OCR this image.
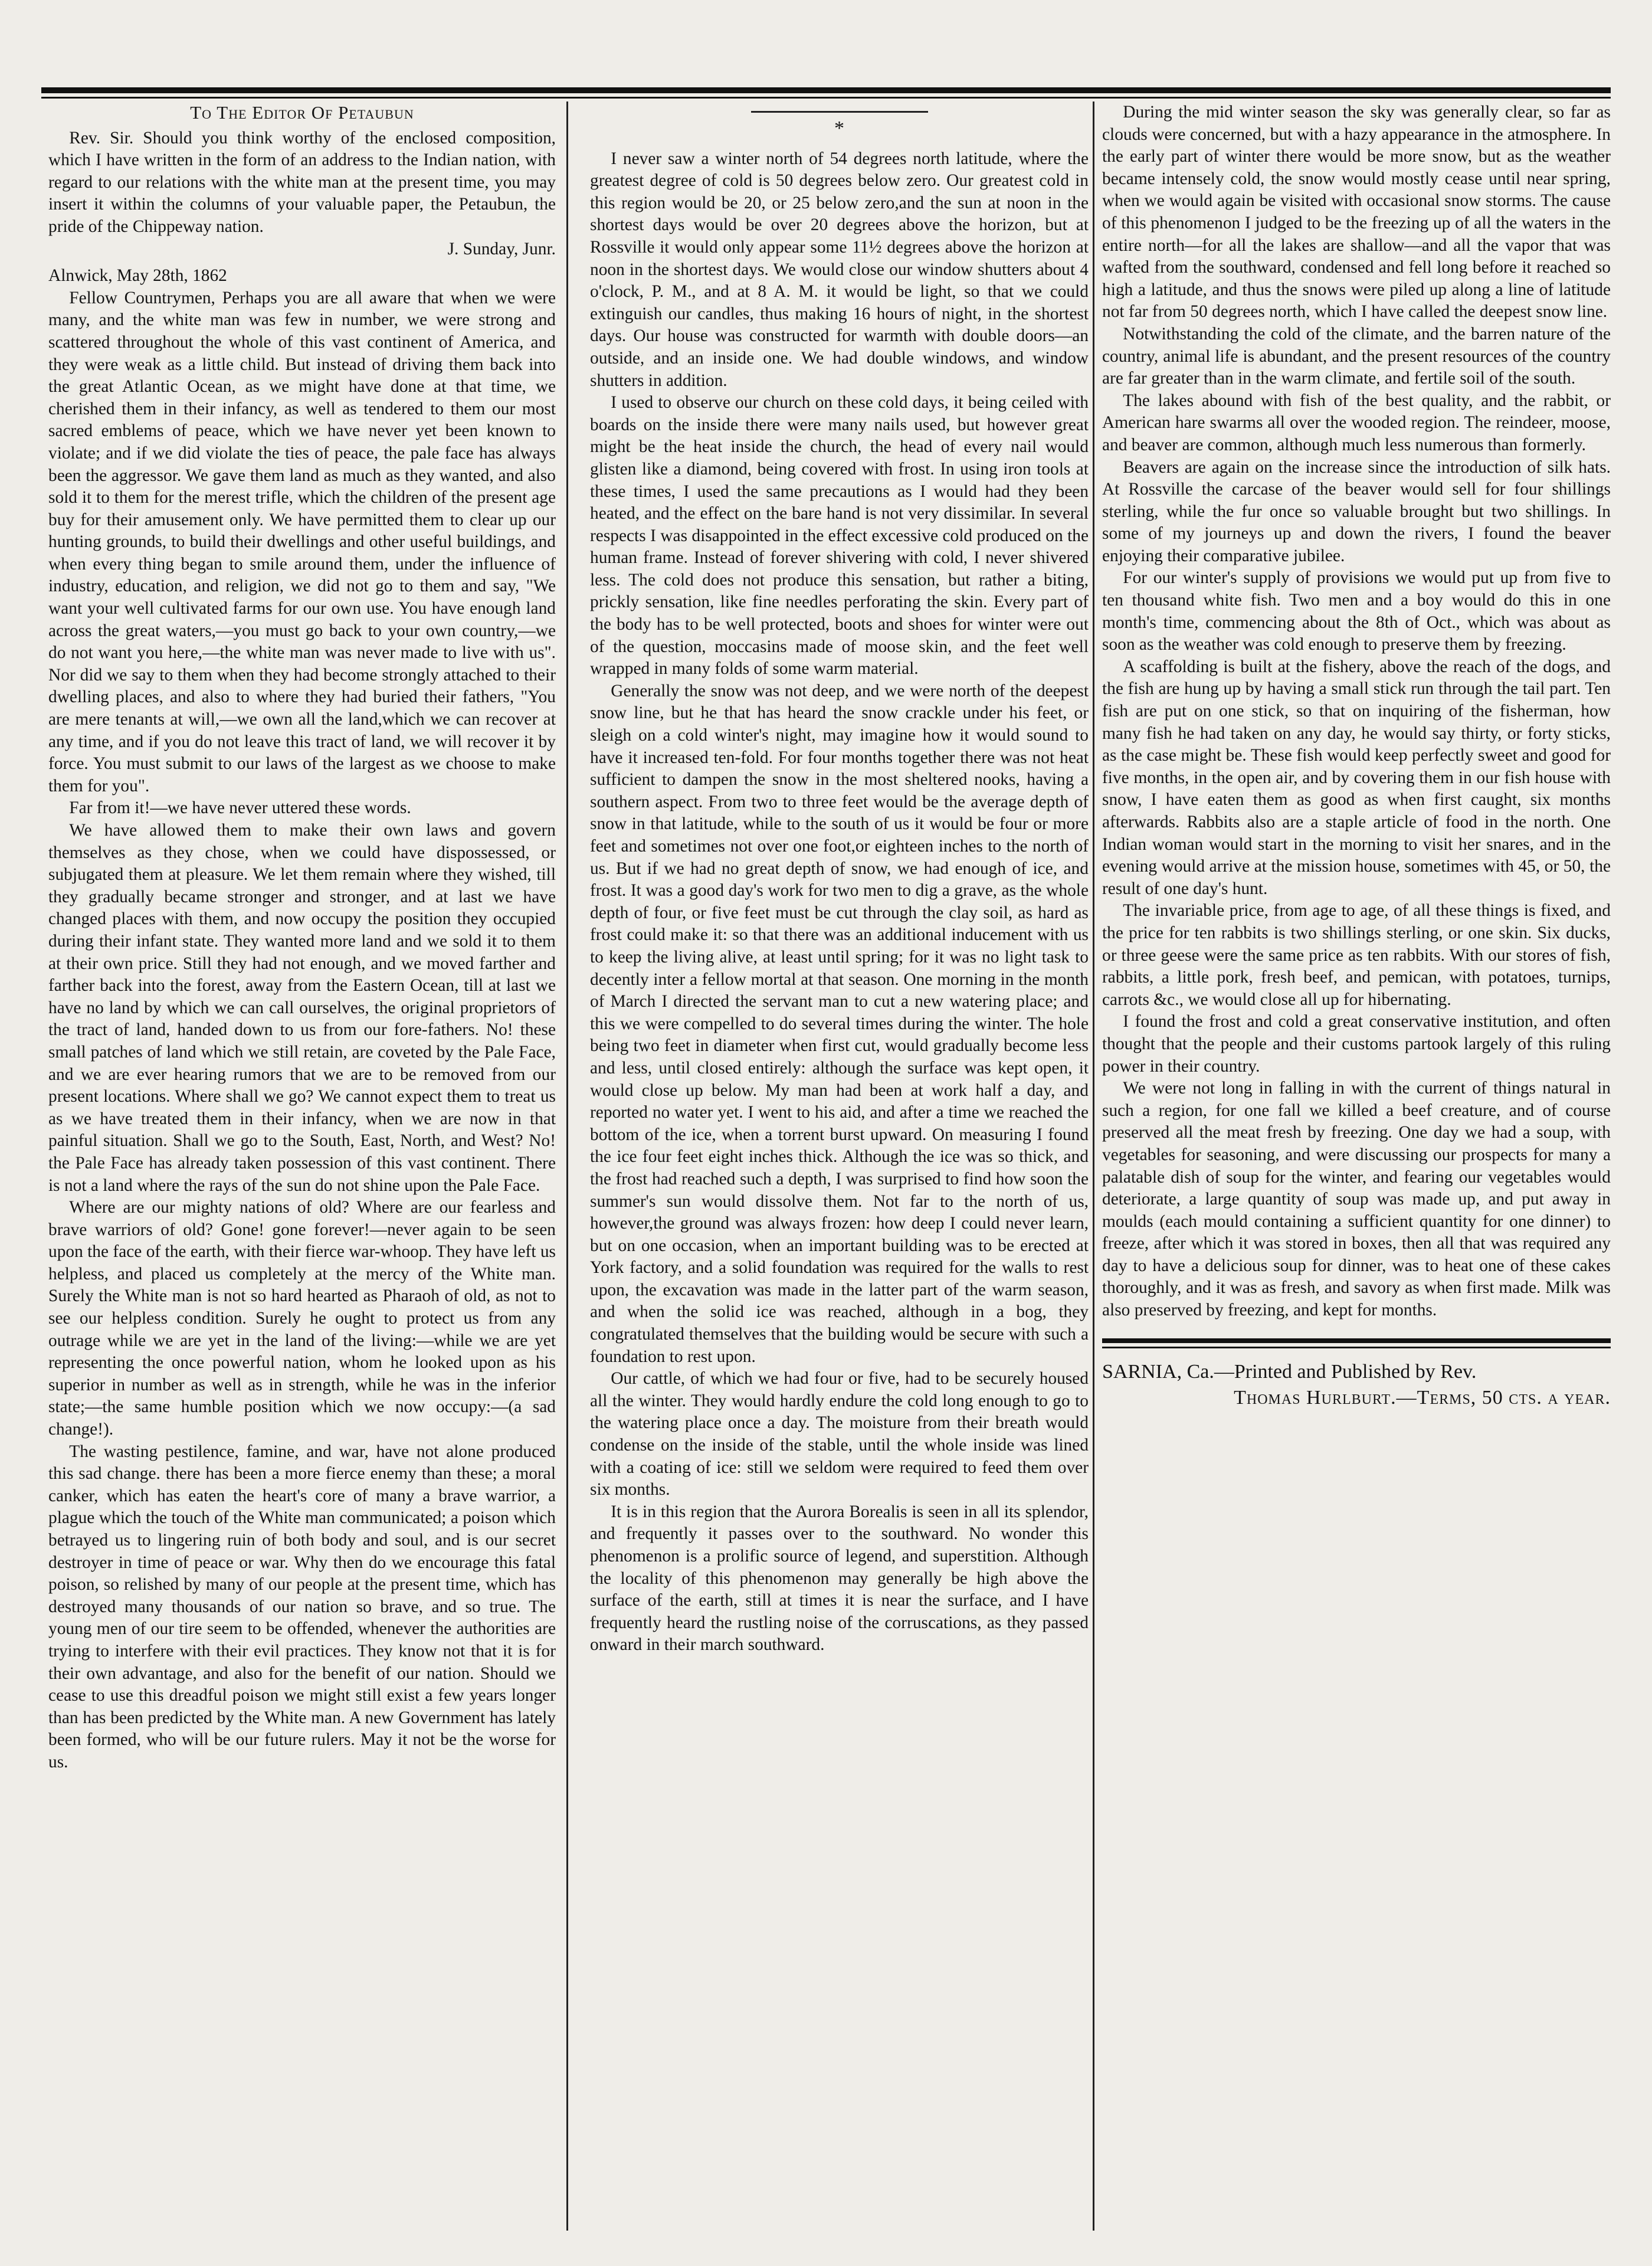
To The Editor Of Petaubun

Rev. Sir. Should you think worthy of the enclosed composition, which I have written in the form of an address to the Indian nation, with regard to our relations with the white man at the present time, you may insert it within the columns of your valuable paper, the Petaubun, the pride of the Chippeway nation.

J. Sunday, Junr.

Alnwick, May 28th, 1862

Fellow Countrymen, Perhaps you are all aware that when we were many, and the white man was few in number, we were strong and scattered throughout the whole of this vast continent of America, and they were weak as a little child. But instead of driving them back into the great Atlantic Ocean, as we might have done at that time, we cherished them in their infancy, as well as tendered to them our most sacred emblems of peace, which we have never yet been known to violate; and if we did violate the ties of peace, the pale face has always been the aggressor. We gave them land as much as they wanted, and also sold it to them for the merest trifle, which the children of the present age buy for their amusement only. We have permitted them to clear up our hunting grounds, to build their dwellings and other useful buildings, and when every thing began to smile around them, under the influence of industry, education, and religion, we did not go to them and say, "We want your well cultivated farms for our own use. You have enough land across the great waters,—you must go back to your own country,—we do not want you here,—the white man was never made to live with us". Nor did we say to them when they had become strongly attached to their dwelling places, and also to where they had buried their fathers, "You are mere tenants at will,—we own all the land,which we can recover at any time, and if you do not leave this tract of land, we will recover it by force. You must submit to our laws of the largest as we choose to make them for you".

Far from it!—we have never uttered these words.

We have allowed them to make their own laws and govern themselves as they chose, when we could have dispossessed, or subjugated them at pleasure. We let them remain where they wished, till they gradually became stronger and stronger, and at last we have changed places with them, and now occupy the position they occupied during their infant state. They wanted more land and we sold it to them at their own price. Still they had not enough, and we moved farther and farther back into the forest, away from the Eastern Ocean, till at last we have no land by which we can call ourselves, the original proprietors of the tract of land, handed down to us from our fore-fathers. No! these small patches of land which we still retain, are coveted by the Pale Face, and we are ever hearing rumors that we are to be removed from our present locations. Where shall we go? We cannot expect them to treat us as we have treated them in their infancy, when we are now in that painful situation. Shall we go to the South, East, North, and West? No! the Pale Face has already taken possession of this vast continent. There is not a land where the rays of the sun do not shine upon the Pale Face.

Where are our mighty nations of old? Where are our fearless and brave warriors of old? Gone! gone forever!—never again to be seen upon the face of the earth, with their fierce war-whoop. They have left us helpless, and placed us completely at the mercy of the White man. Surely the White man is not so hard hearted as Pharaoh of old, as not to see our helpless condition. Surely he ought to protect us from any outrage while we are yet in the land of the living:—while we are yet representing the once powerful nation, whom he looked upon as his superior in number as well as in strength, while he was in the inferior state;—the same humble position which we now occupy:—(a sad change!).

The wasting pestilence, famine, and war, have not alone produced this sad change. there has been a more fierce enemy than these; a moral canker, which has eaten the heart's core of many a brave warrior, a plague which the touch of the White man communicated; a poison which betrayed us to lingering ruin of both body and soul, and is our secret destroyer in time of peace or war. Why then do we encourage this fatal poison, so relished by many of our people at the present time, which has destroyed many thousands of our nation so brave, and so true. The young men of our tire seem to be offended, whenever the authorities are trying to interfere with their evil practices. They know not that it is for their own advantage, and also for the benefit of our nation. Should we cease to use this dreadful poison we might still exist a few years longer than has been predicted by the White man. A new Government has lately been formed, who will be our future rulers. May it not be the worse for us.

*

I never saw a winter north of 54 degrees north latitude, where the greatest degree of cold is 50 degrees below zero. Our greatest cold in this region would be 20, or 25 below zero,and the sun at noon in the shortest days would be over 20 degrees above the horizon, but at Rossville it would only appear some 11½ degrees above the horizon at noon in the shortest days. We would close our window shutters about 4 o'clock, P. M., and at 8 A. M. it would be light, so that we could extinguish our candles, thus making 16 hours of night, in the shortest days. Our house was constructed for warmth with double doors—an outside, and an inside one. We had double windows, and window shutters in addition.

I used to observe our church on these cold days, it being ceiled with boards on the inside there were many nails used, but however great might be the heat inside the church, the head of every nail would glisten like a diamond, being covered with frost. In using iron tools at these times, I used the same precautions as I would had they been heated, and the effect on the bare hand is not very dissimilar. In several respects I was disappointed in the effect excessive cold produced on the human frame. Instead of forever shivering with cold, I never shivered less. The cold does not produce this sensation, but rather a biting, prickly sensation, like fine needles perforating the skin. Every part of the body has to be well protected, boots and shoes for winter were out of the question, moccasins made of moose skin, and the feet well wrapped in many folds of some warm material.

Generally the snow was not deep, and we were north of the deepest snow line, but he that has heard the snow crackle under his feet, or sleigh on a cold winter's night, may imagine how it would sound to have it increased ten-fold. For four months together there was not heat sufficient to dampen the snow in the most sheltered nooks, having a southern aspect. From two to three feet would be the average depth of snow in that latitude, while to the south of us it would be four or more feet and sometimes not over one foot,or eighteen inches to the north of us. But if we had no great depth of snow, we had enough of ice, and frost. It was a good day's work for two men to dig a grave, as the whole depth of four, or five feet must be cut through the clay soil, as hard as frost could make it: so that there was an additional inducement with us to keep the living alive, at least until spring; for it was no light task to decently inter a fellow mortal at that season. One morning in the month of March I directed the servant man to cut a new watering place; and this we were compelled to do several times during the winter. The hole being two feet in diameter when first cut, would gradually become less and less, until closed entirely: although the surface was kept open, it would close up below. My man had been at work half a day, and reported no water yet. I went to his aid, and after a time we reached the bottom of the ice, when a torrent burst upward. On measuring I found the ice four feet eight inches thick. Although the ice was so thick, and the frost had reached such a depth, I was surprised to find how soon the summer's sun would dissolve them. Not far to the north of us, however,the ground was always frozen: how deep I could never learn, but on one occasion, when an important building was to be erected at York factory, and a solid foundation was required for the walls to rest upon, the excavation was made in the latter part of the warm season, and when the solid ice was reached, although in a bog, they congratulated themselves that the building would be secure with such a foundation to rest upon.

Our cattle, of which we had four or five, had to be securely housed all the winter. They would hardly endure the cold long enough to go to the watering place once a day. The moisture from their breath would condense on the inside of the stable, until the whole inside was lined with a coating of ice: still we seldom were required to feed them over six months.

It is in this region that the Aurora Borealis is seen in all its splendor, and frequently it passes over to the southward. No wonder this phenomenon is a prolific source of legend, and superstition. Although the locality of this phenomenon may generally be high above the surface of the earth, still at times it is near the surface, and I have frequently heard the rustling noise of the corruscations, as they passed onward in their march southward.

During the mid winter season the sky was generally clear, so far as clouds were concerned, but with a hazy appearance in the atmosphere. In the early part of winter there would be more snow, but as the weather became intensely cold, the snow would mostly cease until near spring, when we would again be visited with occasional snow storms. The cause of this phenomenon I judged to be the freezing up of all the waters in the entire north—for all the lakes are shallow—and all the vapor that was wafted from the southward, condensed and fell long before it reached so high a latitude, and thus the snows were piled up along a line of latitude not far from 50 degrees north, which I have called the deepest snow line.

Notwithstanding the cold of the climate, and the barren nature of the country, animal life is abundant, and the present resources of the country are far greater than in the warm climate, and fertile soil of the south.

The lakes abound with fish of the best quality, and the rabbit, or American hare swarms all over the wooded region. The reindeer, moose, and beaver are common, although much less numerous than formerly.

Beavers are again on the increase since the introduction of silk hats. At Rossville the carcase of the beaver would sell for four shillings sterling, while the fur once so valuable brought but two shillings. In some of my journeys up and down the rivers, I found the beaver enjoying their comparative jubilee.

For our winter's supply of provisions we would put up from five to ten thousand white fish. Two men and a boy would do this in one month's time, commencing about the 8th of Oct., which was about as soon as the weather was cold enough to preserve them by freezing.

A scaffolding is built at the fishery, above the reach of the dogs, and the fish are hung up by having a small stick run through the tail part. Ten fish are put on one stick, so that on inquiring of the fisherman, how many fish he had taken on any day, he would say thirty, or forty sticks, as the case might be. These fish would keep perfectly sweet and good for five months, in the open air, and by covering them in our fish house with snow, I have eaten them as good as when first caught, six months afterwards. Rabbits also are a staple article of food in the north. One Indian woman would start in the morning to visit her snares, and in the evening would arrive at the mission house, sometimes with 45, or 50, the result of one day's hunt.

The invariable price, from age to age, of all these things is fixed, and the price for ten rabbits is two shillings sterling, or one skin. Six ducks, or three geese were the same price as ten rabbits. With our stores of fish, rabbits, a little pork, fresh beef, and pemican, with potatoes, turnips, carrots &c., we would close all up for hibernating.

I found the frost and cold a great conservative institution, and often thought that the people and their customs partook largely of this ruling power in their country.

We were not long in falling in with the current of things natural in such a region, for one fall we killed a beef creature, and of course preserved all the meat fresh by freezing. One day we had a soup, with vegetables for seasoning, and were discussing our prospects for many a palatable dish of soup for the winter, and fearing our vegetables would deteriorate, a large quantity of soup was made up, and put away in moulds (each mould containing a sufficient quantity for one dinner) to freeze, after which it was stored in boxes, then all that was required any day to have a delicious soup for dinner, was to heat one of these cakes thoroughly, and it was as fresh, and savory as when first made. Milk was also preserved by freezing, and kept for months.

SARNIA, Ca.—Printed and Published by Rev.

Thomas Hurlburt.—Terms, 50 cts. a year.
